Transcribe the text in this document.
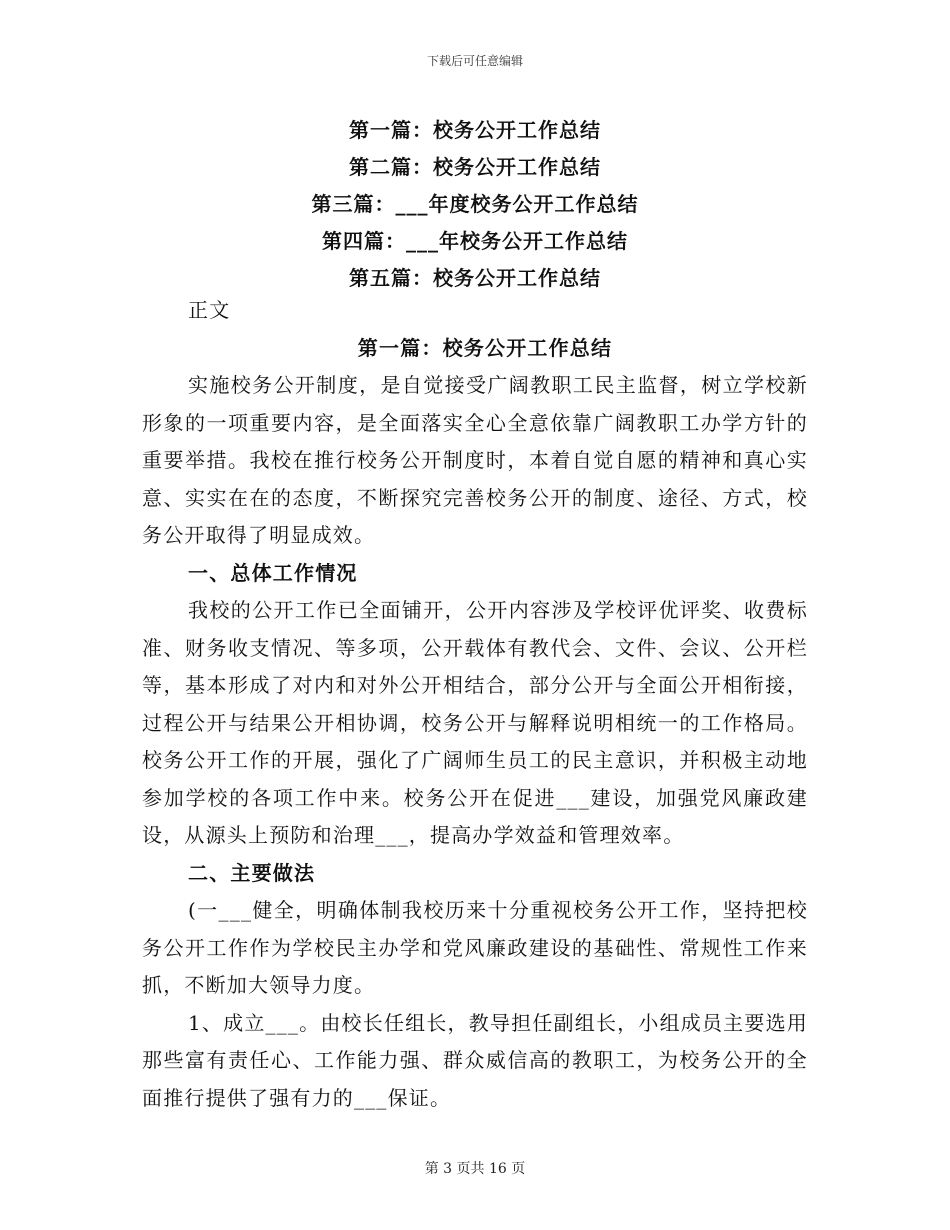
下载后可任意编辑
第一篇：校务公开工作总结
第二篇：校务公开工作总结
第三篇：___年度校务公开工作总结
第四篇：___年校务公开工作总结
第五篇：校务公开工作总结
正文
第一篇：校务公开工作总结
实施校务公开制度，是自觉接受广阔教职工民主监督，树立学校新形象的一项重要内容，是全面落实全心全意依靠广阔教职工办学方针的重要举措。我校在推行校务公开制度时，本着自觉自愿的精神和真心实意、实实在在的态度，不断探究完善校务公开的制度、途径、方式，校务公开取得了明显成效。
一、总体工作情况
我校的公开工作已全面铺开，公开内容涉及学校评优评奖、收费标准、财务收支情况、等多项，公开载体有教代会、文件、会议、公开栏等，基本形成了对内和对外公开相结合，部分公开与全面公开相衔接，过程公开与结果公开相协调，校务公开与解释说明相统一的工作格局。校务公开工作的开展，强化了广阔师生员工的民主意识，并积极主动地参加学校的各项工作中来。校务公开在促进___建设，加强党风廉政建设，从源头上预防和治理___，提高办学效益和管理效率。
二、主要做法
(一___健全，明确体制我校历来十分重视校务公开工作，坚持把校务公开工作作为学校民主办学和党风廉政建设的基础性、常规性工作来抓，不断加大领导力度。
1、成立___。由校长任组长，教导担任副组长，小组成员主要选用那些富有责任心、工作能力强、群众威信高的教职工，为校务公开的全面推行提供了强有力的___保证。
第 3 页共 16 页
